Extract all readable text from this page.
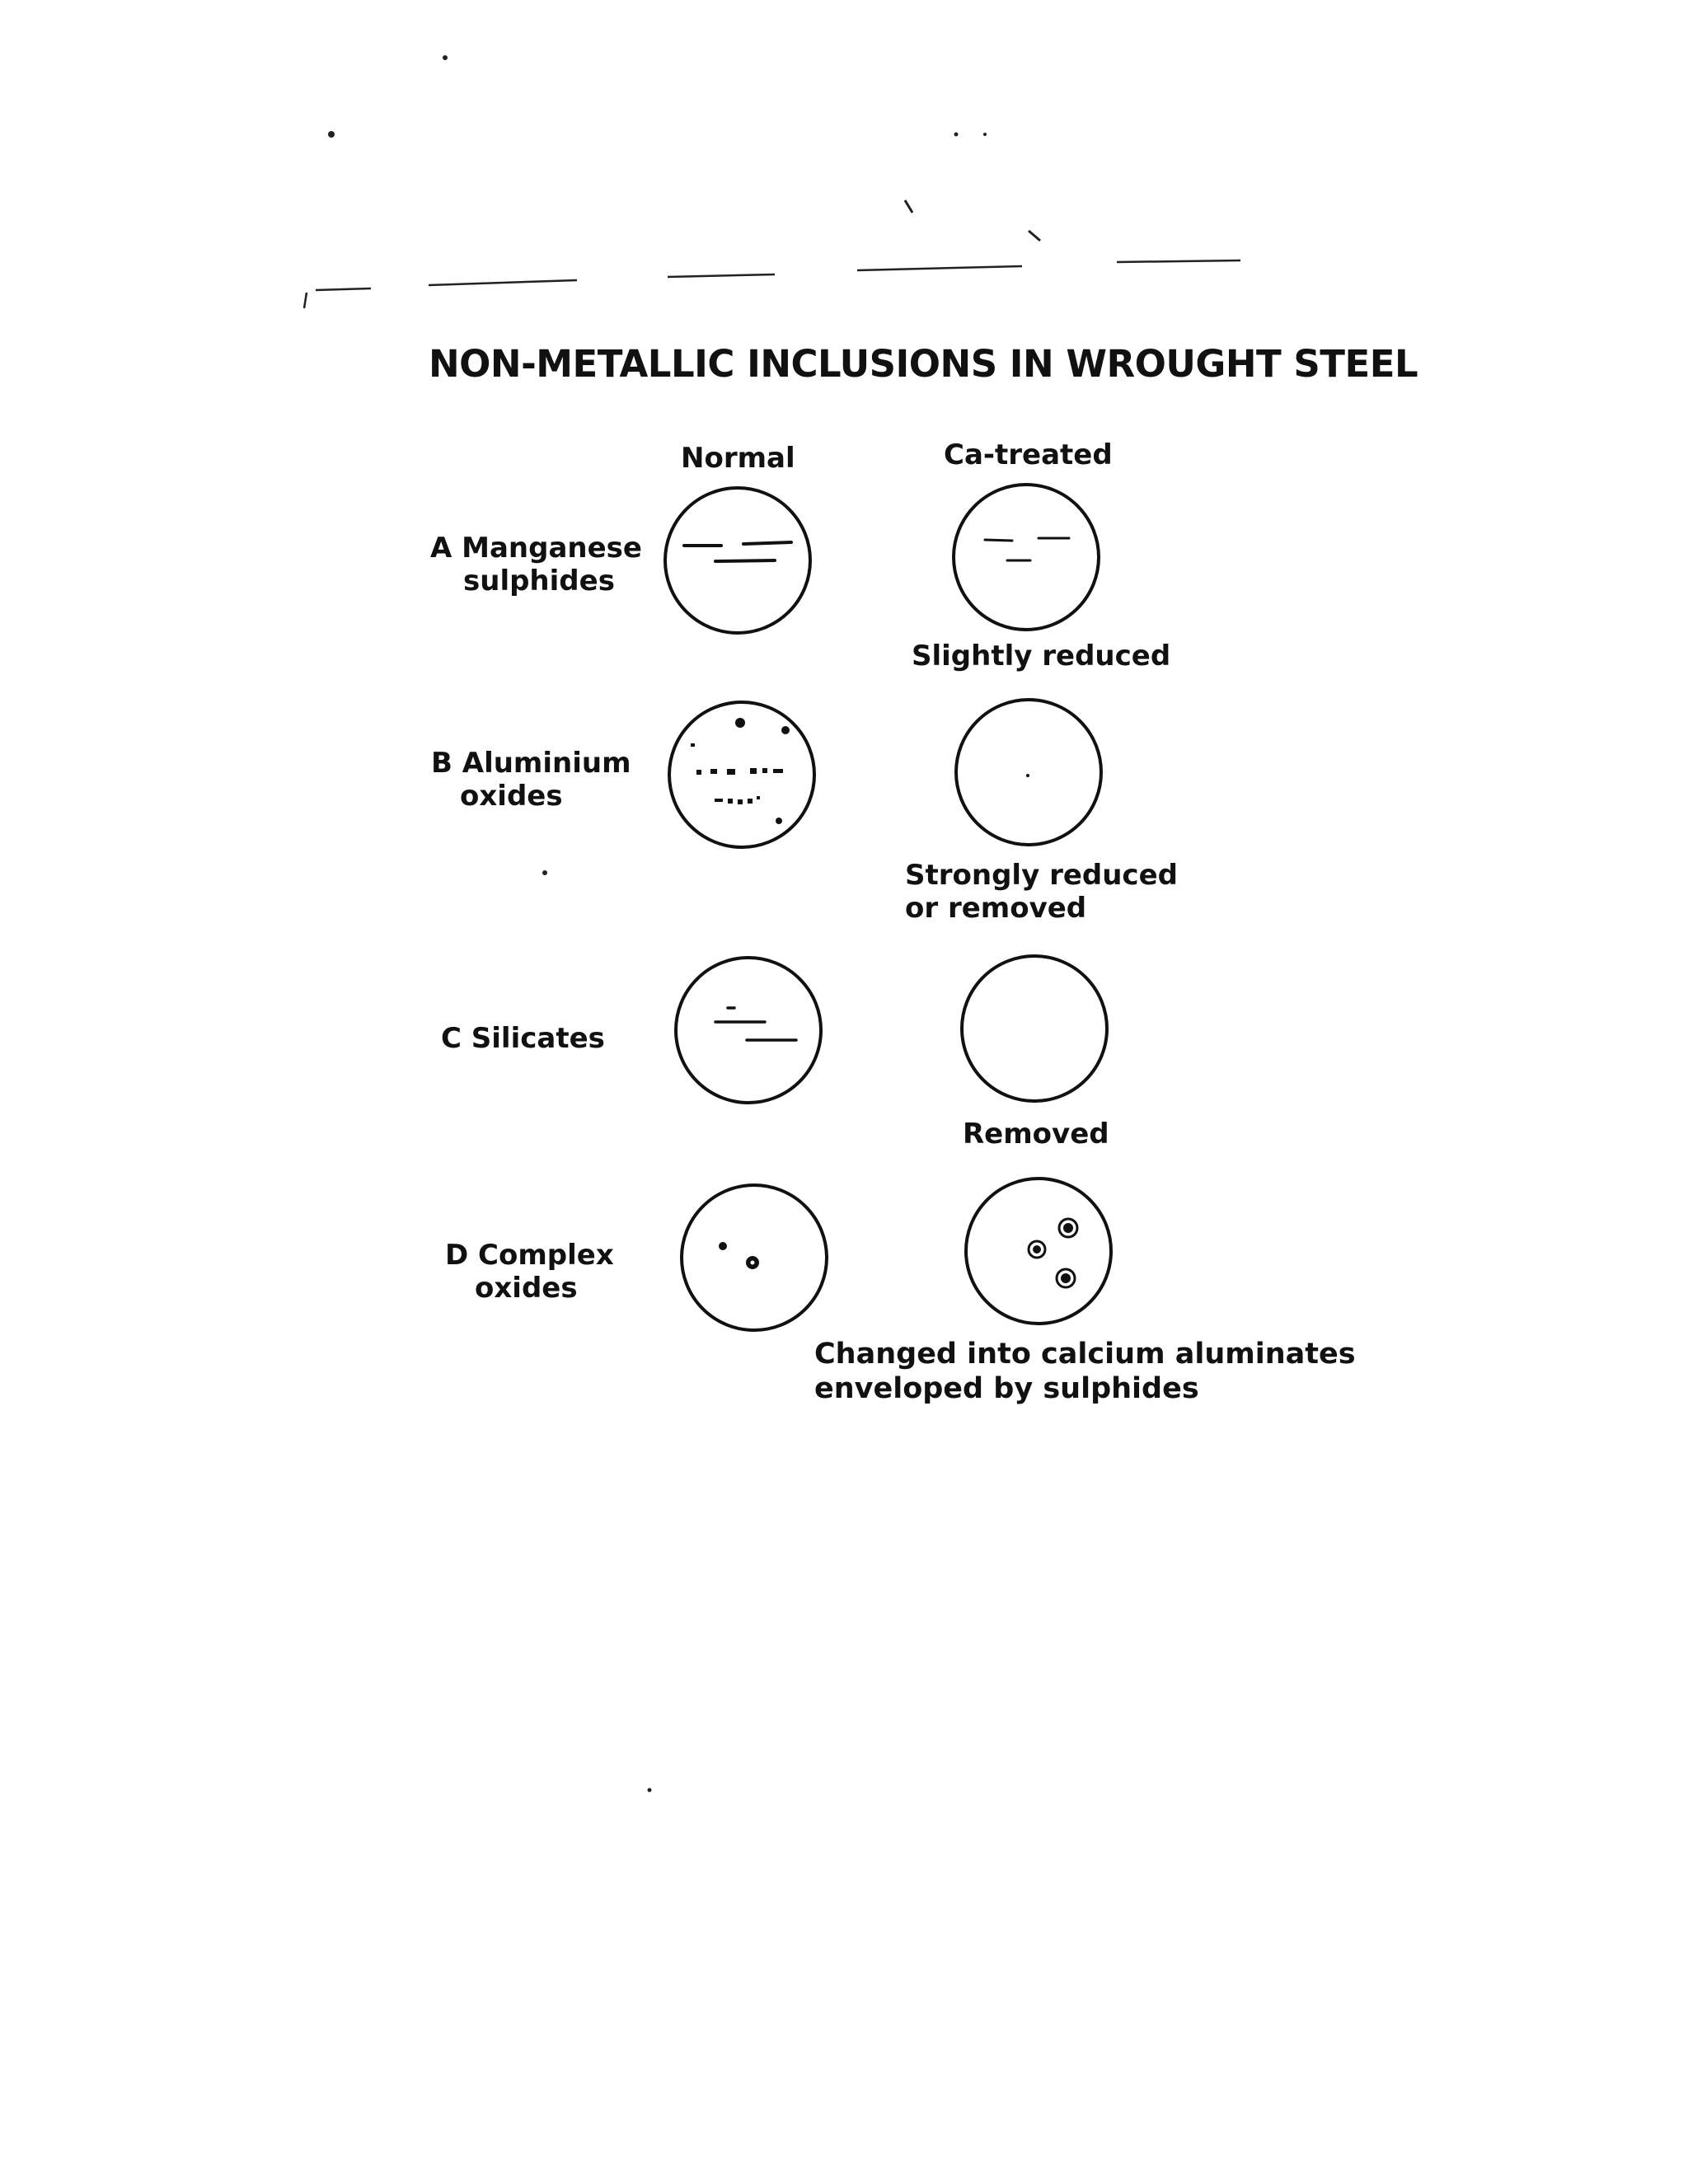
NON-METALLIC INCLUSIONS IN WROUGHT STEEL
Normal	Ca-treated
A Manganese
sulphides
Slightly reduced
B Aluminium
oxides
Strongly reduced
or removed
C Silicates
Removed
D Complex
oxides
Changed into calcium aluminates
enveloped by sulphides
